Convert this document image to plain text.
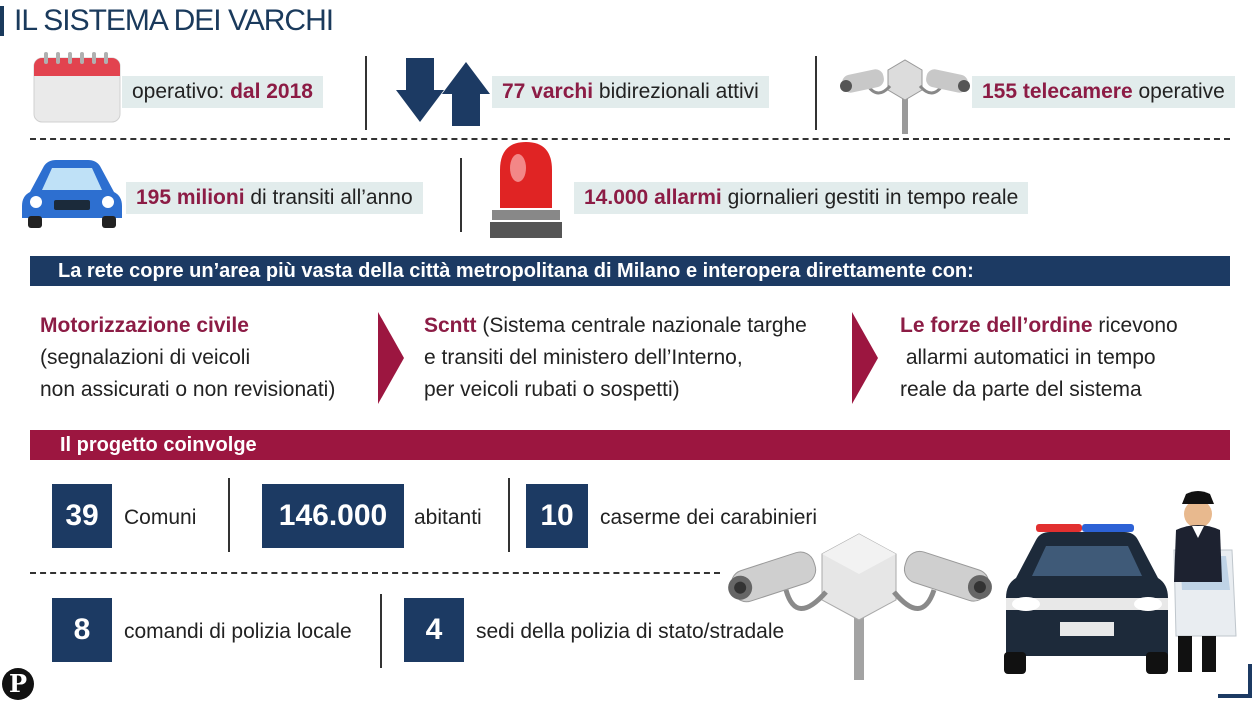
IL SISTEMA DEI VARCHI
operativo: dal 2018	77 varchi bidirezionali attivi	155 telecamere operative
195 milioni di transiti all’anno	14.000 allarmi giornalieri gestiti in tempo reale
La rete copre un’area più vasta della città metropolitana di Milano e interopera direttamente con:
Motorizzazione civile
(segnalazioni di veicoli
non assicurati o non revisionati)
Scntt (Sistema centrale nazionale targhe
e transiti del ministero dell’Interno,
per veicoli rubati o sospetti)
Le forze dell’ordine ricevono
allarmi automatici in tempo
reale da parte del sistema
Il progetto coinvolge
39	Comuni	146.000	abitanti	10	caserme dei carabinieri
8	comandi di polizia locale	4	sedi della polizia di stato/stradale
P
